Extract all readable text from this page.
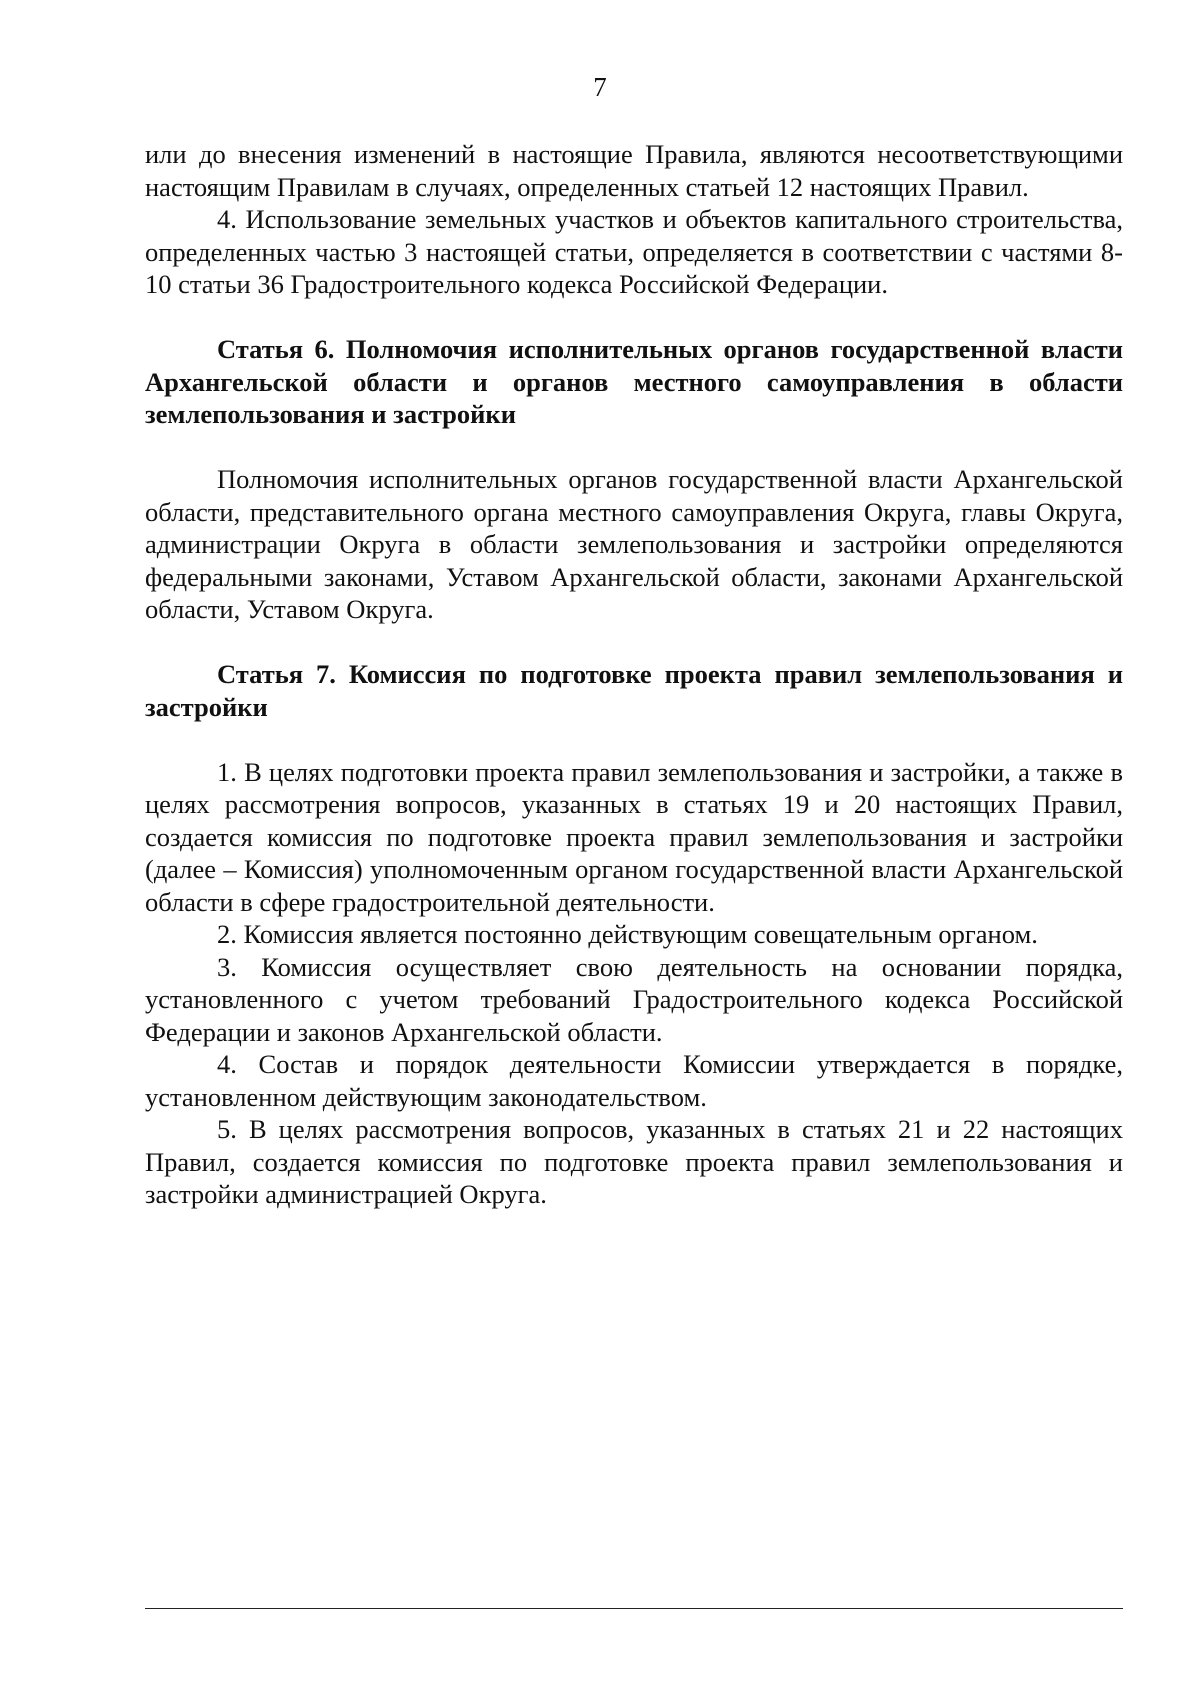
7

или до внесения изменений в настоящие Правила, являются несоответствующими настоящим Правилам в случаях, определенных статьей 12 настоящих Правил.

4. Использование земельных участков и объектов капитального строительства, определенных частью 3 настоящей статьи, определяется в соответствии с частями 8-10 статьи 36 Градостроительного кодекса Российской Федерации.

Статья 6. Полномочия исполнительных органов государственной власти Архангельской области и органов местного самоуправления в области землепользования и застройки

Полномочия исполнительных органов государственной власти Архангельской области, представительного органа местного самоуправления Округа, главы Округа, администрации Округа в области землепользования и застройки определяются федеральными законами, Уставом Архангельской области, законами Архангельской области, Уставом Округа.

Статья 7. Комиссия по подготовке проекта правил землепользования и застройки

1. В целях подготовки проекта правил землепользования и застройки, а также в целях рассмотрения вопросов, указанных в статьях 19 и 20 настоящих Правил, создается комиссия по подготовке проекта правил землепользования и застройки (далее – Комиссия) уполномоченным органом государственной власти Архангельской области в сфере градостроительной деятельности.

2. Комиссия является постоянно действующим совещательным органом.

3. Комиссия осуществляет свою деятельность на основании порядка, установленного с учетом требований Градостроительного кодекса Российской Федерации и законов Архангельской области.

4. Состав и порядок деятельности Комиссии утверждается в порядке, установленном действующим законодательством.

5. В целях рассмотрения вопросов, указанных в статьях 21 и 22 настоящих Правил, создается комиссия по подготовке проекта правил землепользования и застройки администрацией Округа.
